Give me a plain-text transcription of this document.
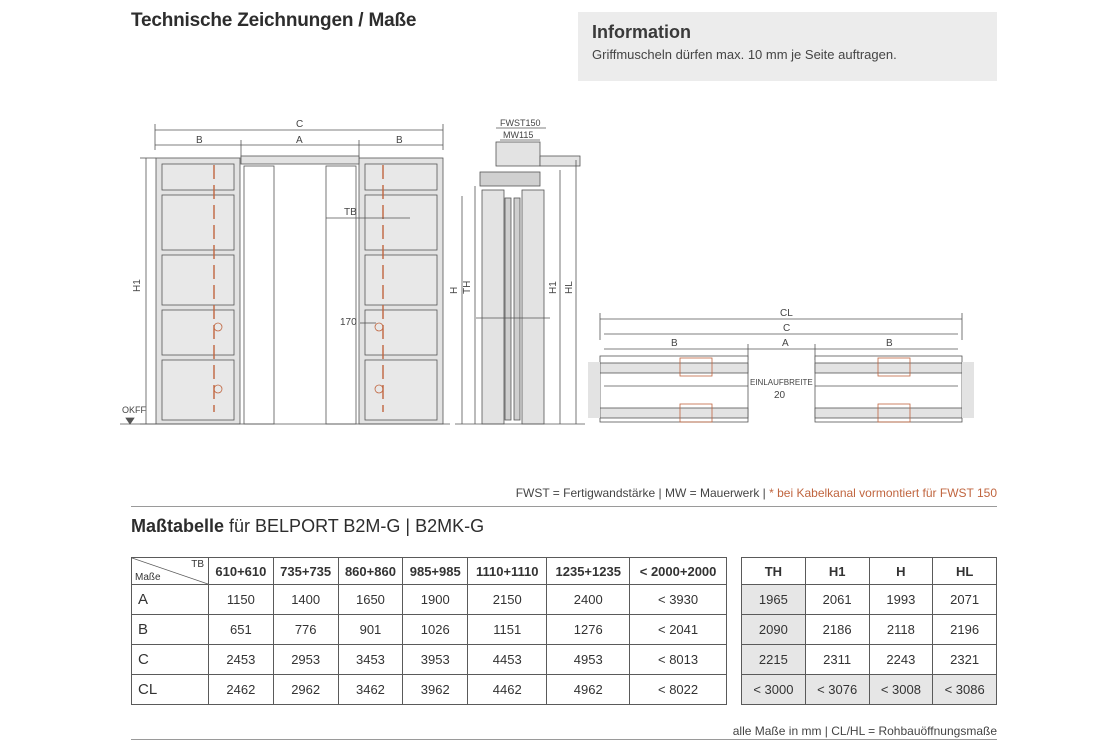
Technische Zeichnungen / Maße
Information
Griffmuscheln dürfen max. 10 mm je Seite auftragen.
C
A
B	B
TB
170
OKFF
H1
FWST150
MW115
H TH	H1 HL
CL
C
B	A	B
EINLAUFBREITE
20
FWST = Fertigwandstärke | MW = Mauerwerk | * bei Kabelkanal vormontiert für FWST 150
Maßtabelle für BELPORT B2M-G | B2MK-G
TB
Maße	610+610	735+735	860+860	985+985	1110+1110	1235+1235	< 2000+2000
A	1150	1400	1650	1900	2150	2400	< 3930
B	651	776	901	1026	1151	1276	< 2041
C	2453	2953	3453	3953	4453	4953	< 8013
CL	2462	2962	3462	3962	4462	4962	< 8022
TH	H1	H	HL
1965	2061	1993	2071
2090	2186	2118	2196
2215	2311	2243	2321
< 3000	< 3076	< 3008	< 3086
alle Maße in mm | CL/HL = Rohbauöffnungsmaße
